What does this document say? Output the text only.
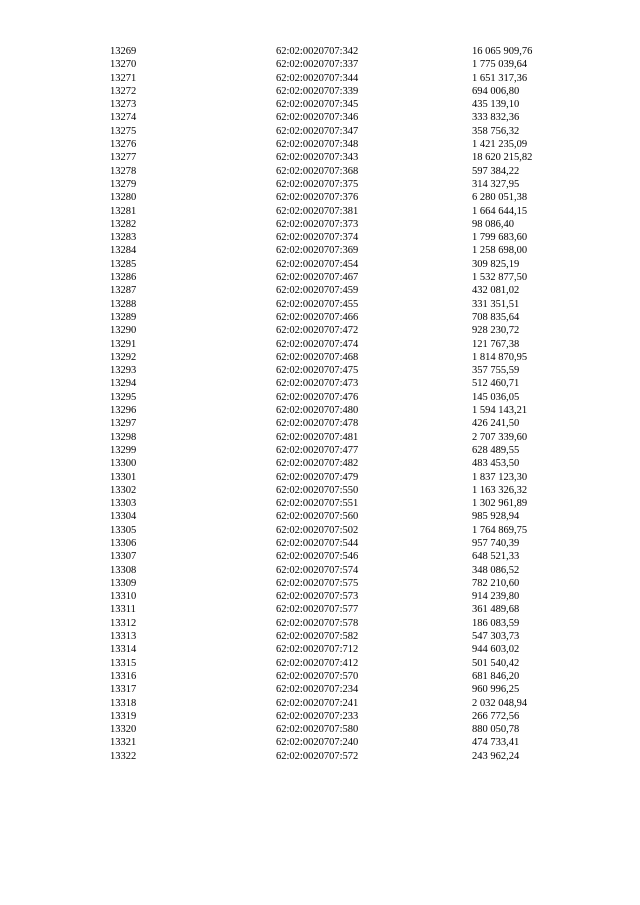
13269	62:02:0020707:342	16 065 909,76
13270	62:02:0020707:337	1 775 039,64
13271	62:02:0020707:344	1 651 317,36
13272	62:02:0020707:339	694 006,80
13273	62:02:0020707:345	435 139,10
13274	62:02:0020707:346	333 832,36
13275	62:02:0020707:347	358 756,32
13276	62:02:0020707:348	1 421 235,09
13277	62:02:0020707:343	18 620 215,82
13278	62:02:0020707:368	597 384,22
13279	62:02:0020707:375	314 327,95
13280	62:02:0020707:376	6 280 051,38
13281	62:02:0020707:381	1 664 644,15
13282	62:02:0020707:373	98 086,40
13283	62:02:0020707:374	1 799 683,60
13284	62:02:0020707:369	1 258 698,00
13285	62:02:0020707:454	309 825,19
13286	62:02:0020707:467	1 532 877,50
13287	62:02:0020707:459	432 081,02
13288	62:02:0020707:455	331 351,51
13289	62:02:0020707:466	708 835,64
13290	62:02:0020707:472	928 230,72
13291	62:02:0020707:474	121 767,38
13292	62:02:0020707:468	1 814 870,95
13293	62:02:0020707:475	357 755,59
13294	62:02:0020707:473	512 460,71
13295	62:02:0020707:476	145 036,05
13296	62:02:0020707:480	1 594 143,21
13297	62:02:0020707:478	426 241,50
13298	62:02:0020707:481	2 707 339,60
13299	62:02:0020707:477	628 489,55
13300	62:02:0020707:482	483 453,50
13301	62:02:0020707:479	1 837 123,30
13302	62:02:0020707:550	1 163 326,32
13303	62:02:0020707:551	1 302 961,89
13304	62:02:0020707:560	985 928,94
13305	62:02:0020707:502	1 764 869,75
13306	62:02:0020707:544	957 740,39
13307	62:02:0020707:546	648 521,33
13308	62:02:0020707:574	348 086,52
13309	62:02:0020707:575	782 210,60
13310	62:02:0020707:573	914 239,80
13311	62:02:0020707:577	361 489,68
13312	62:02:0020707:578	186 083,59
13313	62:02:0020707:582	547 303,73
13314	62:02:0020707:712	944 603,02
13315	62:02:0020707:412	501 540,42
13316	62:02:0020707:570	681 846,20
13317	62:02:0020707:234	960 996,25
13318	62:02:0020707:241	2 032 048,94
13319	62:02:0020707:233	266 772,56
13320	62:02:0020707:580	880 050,78
13321	62:02:0020707:240	474 733,41
13322	62:02:0020707:572	243 962,24
